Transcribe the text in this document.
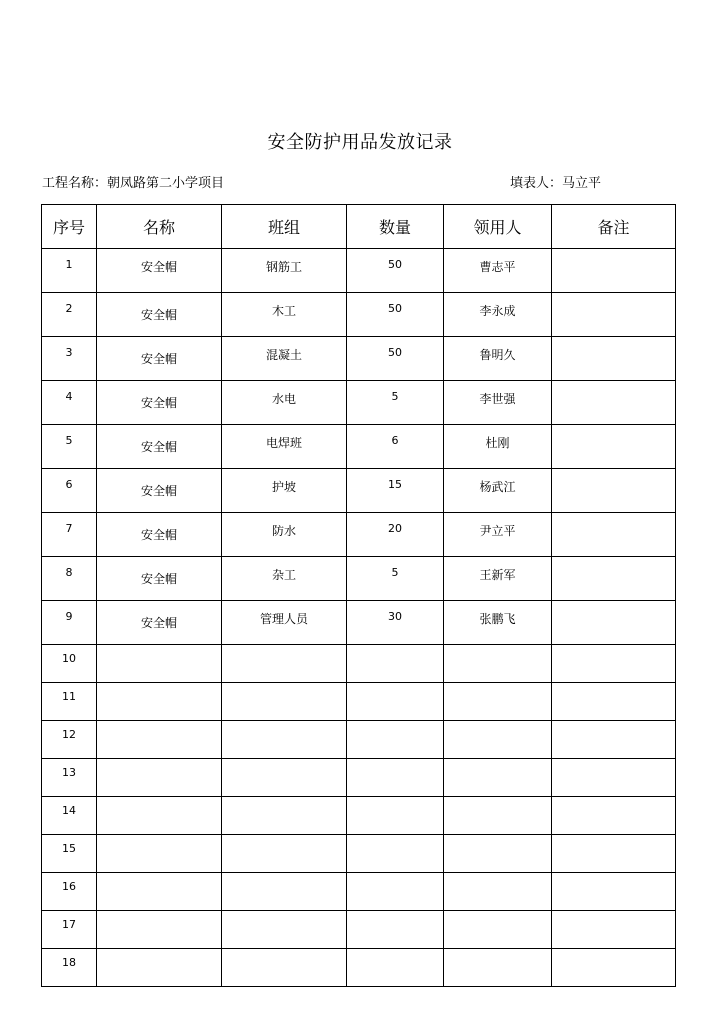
安全防护用品发放记录
工程名称：朝凤路第二小学项目	填表人：马立平
序号	名称	班组	数量	领用人	备注

1	安全帽	钢筋工	50	曹志平	

2	安全帽	木工	50	李永成	

3	安全帽	混凝土	50	鲁明久	

4	安全帽	水电	5	李世强	

5	安全帽	电焊班	6	杜刚	

6	安全帽	护坡	15	杨武江	

7	安全帽	防水	20	尹立平	

8	安全帽	杂工	5	王新军	

9	安全帽	管理人员	30	张鹏飞	

10					

11					

12					

13					

14					

15					

16					

17					

18					
